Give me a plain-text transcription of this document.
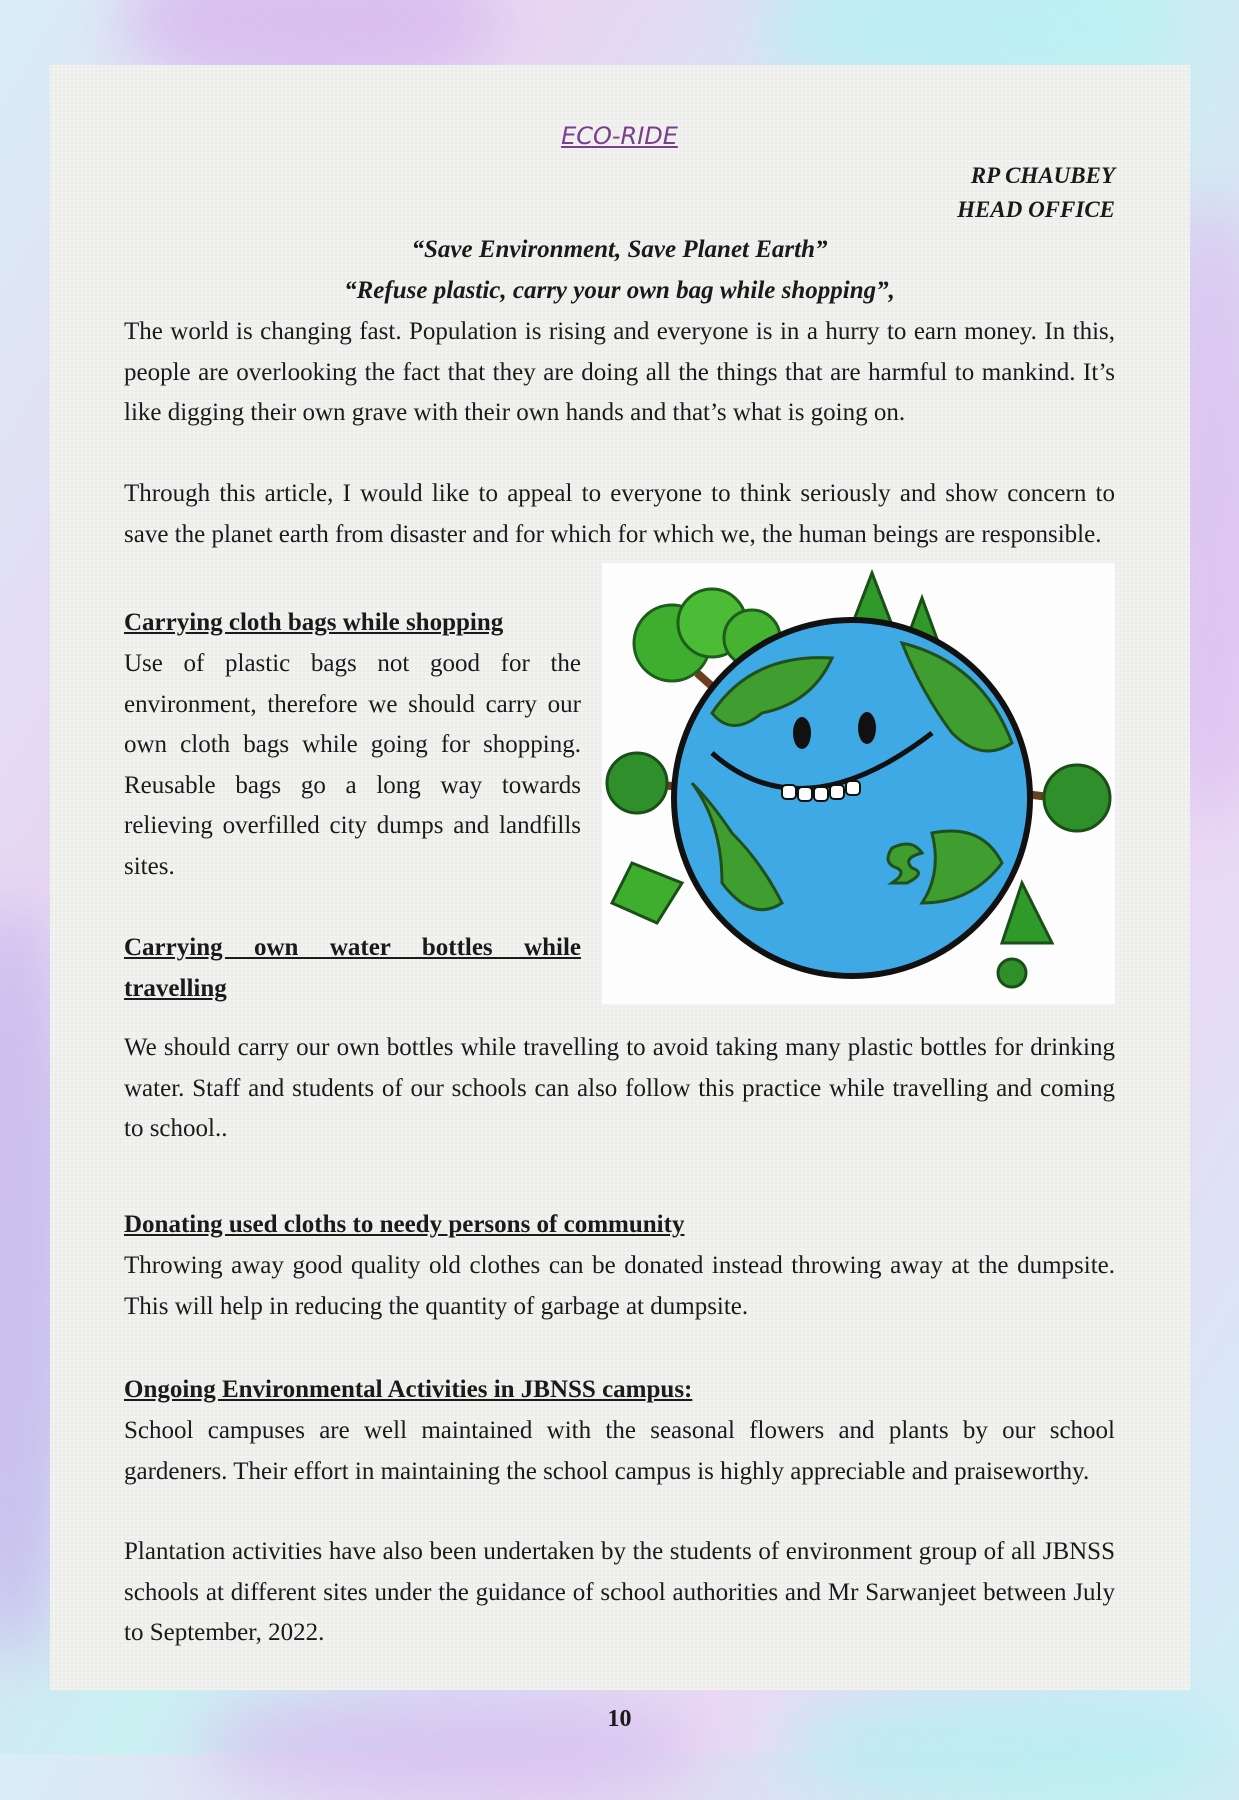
ECO-RIDE
RP CHAUBEY
HEAD OFFICE
“Save Environment, Save Planet Earth”
“Refuse plastic, carry your own bag while shopping”,
The world is changing fast. Population is rising and everyone is in a hurry to earn money. In this, people are overlooking the fact that they are doing all the things that are harmful to mankind. It’s like digging their own grave with their own hands and that’s what is going on.
Through this article, I would like to appeal to everyone to think seriously and show concern to save the planet earth from disaster and for which for which we, the human beings are responsible.
Carrying cloth bags while shopping
Use of plastic bags not good for the environment, therefore we should carry our own cloth bags while going for shopping. Reusable bags go a long way towards relieving overfilled city dumps and landfills sites.
Carrying own water bottles while travelling
We should carry our own bottles while travelling to avoid taking many plastic bottles for drinking water. Staff and students of our schools can also follow this practice while travelling and coming to school..
Donating used cloths to needy persons of community
Throwing away good quality old clothes can be donated instead throwing away at the dumpsite. This will help in reducing the quantity of garbage at dumpsite.
Ongoing Environmental Activities in JBNSS campus:
School campuses are well maintained with the seasonal flowers and plants by our school gardeners. Their effort in maintaining the school campus is highly appreciable and praiseworthy.
Plantation activities have also been undertaken by the students of environment group of all JBNSS schools at different sites under the guidance of school authorities and Mr Sarwanjeet between July to September, 2022.
10
